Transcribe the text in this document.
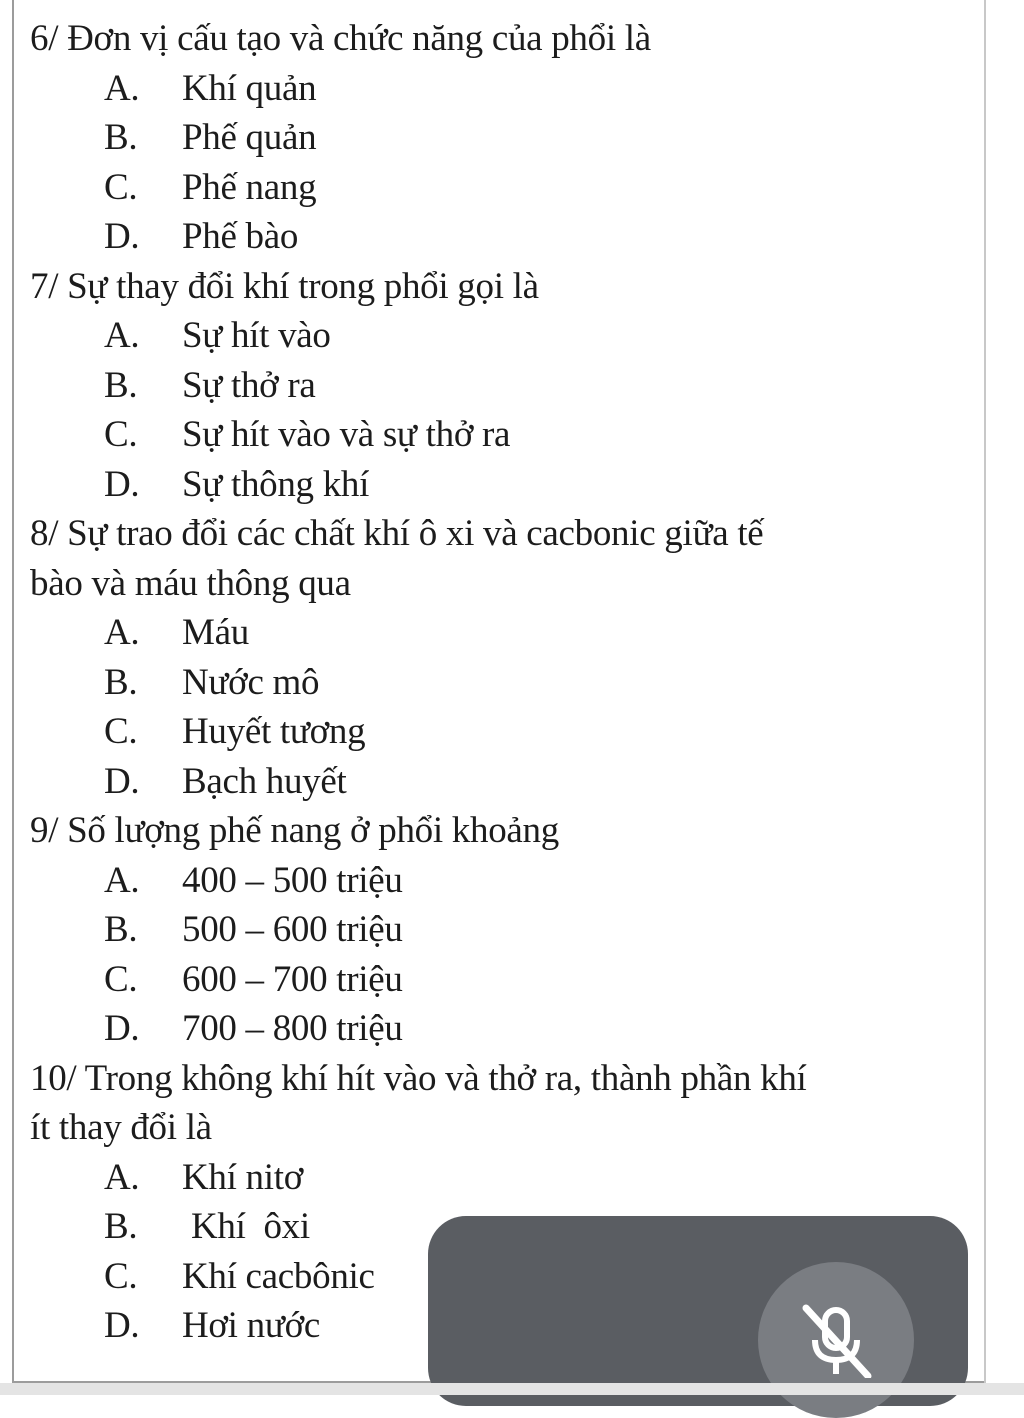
6/ Đơn vị cấu tạo và chức năng của phổi là

A.	Khí quản
B.	Phế quản
C.	Phế nang
D.	Phế bào

7/ Sự thay đổi khí trong phổi gọi là

A.	Sự hít vào
B.	Sự thở ra
C.	Sự hít vào và sự thở ra
D.	Sự thông khí

8/ Sự trao đổi các chất khí ô xi và cacbonic giữa tế

bào và máu thông qua

A.	Máu
B.	Nước mô
C.	Huyết tương
D.	Bạch huyết

9/ Số lượng phế nang ở phổi khoảng

A.	400 – 500 triệu
B.	500 – 600 triệu
C.	600 – 700 triệu
D.	700 – 800 triệu

10/ Trong không khí hít vào và thở ra, thành phần khí

ít thay đổi là

A.	Khí nitơ
B.	Khí  ôxi
C.	Khí cacbônic
D.	Hơi nước
